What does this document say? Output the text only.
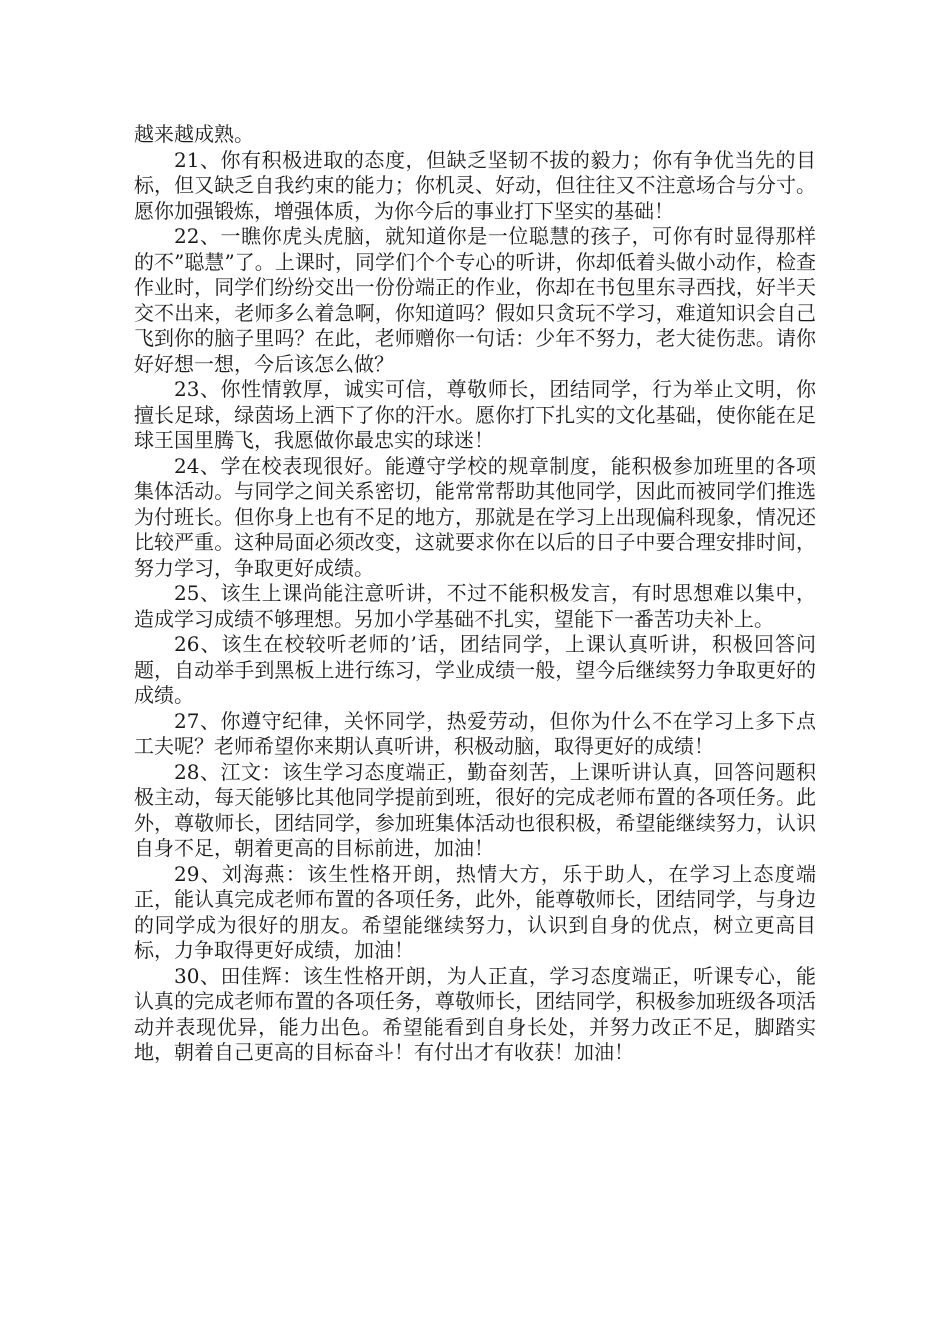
越来越成熟。

21、你有积极进取的态度，但缺乏坚韧不拔的毅力；你有争优当先的目标，但又缺乏自我约束的能力；你机灵、好动，但往往又不注意场合与分寸。愿你加强锻炼，增强体质，为你今后的事业打下坚实的基础！

22、一瞧你虎头虎脑，就知道你是一位聪慧的孩子，可你有时显得那样的不”聪慧”了。上课时，同学们个个专心的听讲，你却低着头做小动作，检查作业时，同学们纷纷交出一份份端正的作业，你却在书包里东寻西找，好半天交不出来，老师多么着急啊，你知道吗？假如只贪玩不学习，难道知识会自己飞到你的脑子里吗？在此，老师赠你一句话：少年不努力，老大徒伤悲。请你好好想一想，今后该怎么做？

23、你性情敦厚，诚实可信，尊敬师长，团结同学，行为举止文明，你擅长足球，绿茵场上洒下了你的汗水。愿你打下扎实的文化基础，使你能在足球王国里腾飞，我愿做你最忠实的球迷！

24、学在校表现很好。能遵守学校的规章制度，能积极参加班里的各项集体活动。与同学之间关系密切，能常常帮助其他同学，因此而被同学们推选为付班长。但你身上也有不足的地方，那就是在学习上出现偏科现象，情况还比较严重。这种局面必须改变，这就要求你在以后的日子中要合理安排时间，努力学习，争取更好成绩。

25、该生上课尚能注意听讲，不过不能积极发言，有时思想难以集中，造成学习成绩不够理想。另加小学基础不扎实，望能下一番苦功夫补上。

26、该生在校较听老师的’话，团结同学，上课认真听讲，积极回答问题，自动举手到黑板上进行练习，学业成绩一般，望今后继续努力争取更好的成绩。

27、你遵守纪律，关怀同学，热爱劳动，但你为什么不在学习上多下点工夫呢？老师希望你来期认真听讲，积极动脑，取得更好的成绩！

28、江文：该生学习态度端正，勤奋刻苦，上课听讲认真，回答问题积极主动，每天能够比其他同学提前到班，很好的完成老师布置的各项任务。此外，尊敬师长，团结同学，参加班集体活动也很积极，希望能继续努力，认识自身不足，朝着更高的目标前进，加油！

29、刘海燕：该生性格开朗，热情大方，乐于助人，在学习上态度端正，能认真完成老师布置的各项任务，此外，能尊敬师长，团结同学，与身边的同学成为很好的朋友。希望能继续努力，认识到自身的优点，树立更高目标，力争取得更好成绩，加油！

30、田佳辉：该生性格开朗，为人正直，学习态度端正，听课专心，能认真的完成老师布置的各项任务，尊敬师长，团结同学，积极参加班级各项活动并表现优异，能力出色。希望能看到自身长处，并努力改正不足，脚踏实地，朝着自己更高的目标奋斗！有付出才有收获！加油！
